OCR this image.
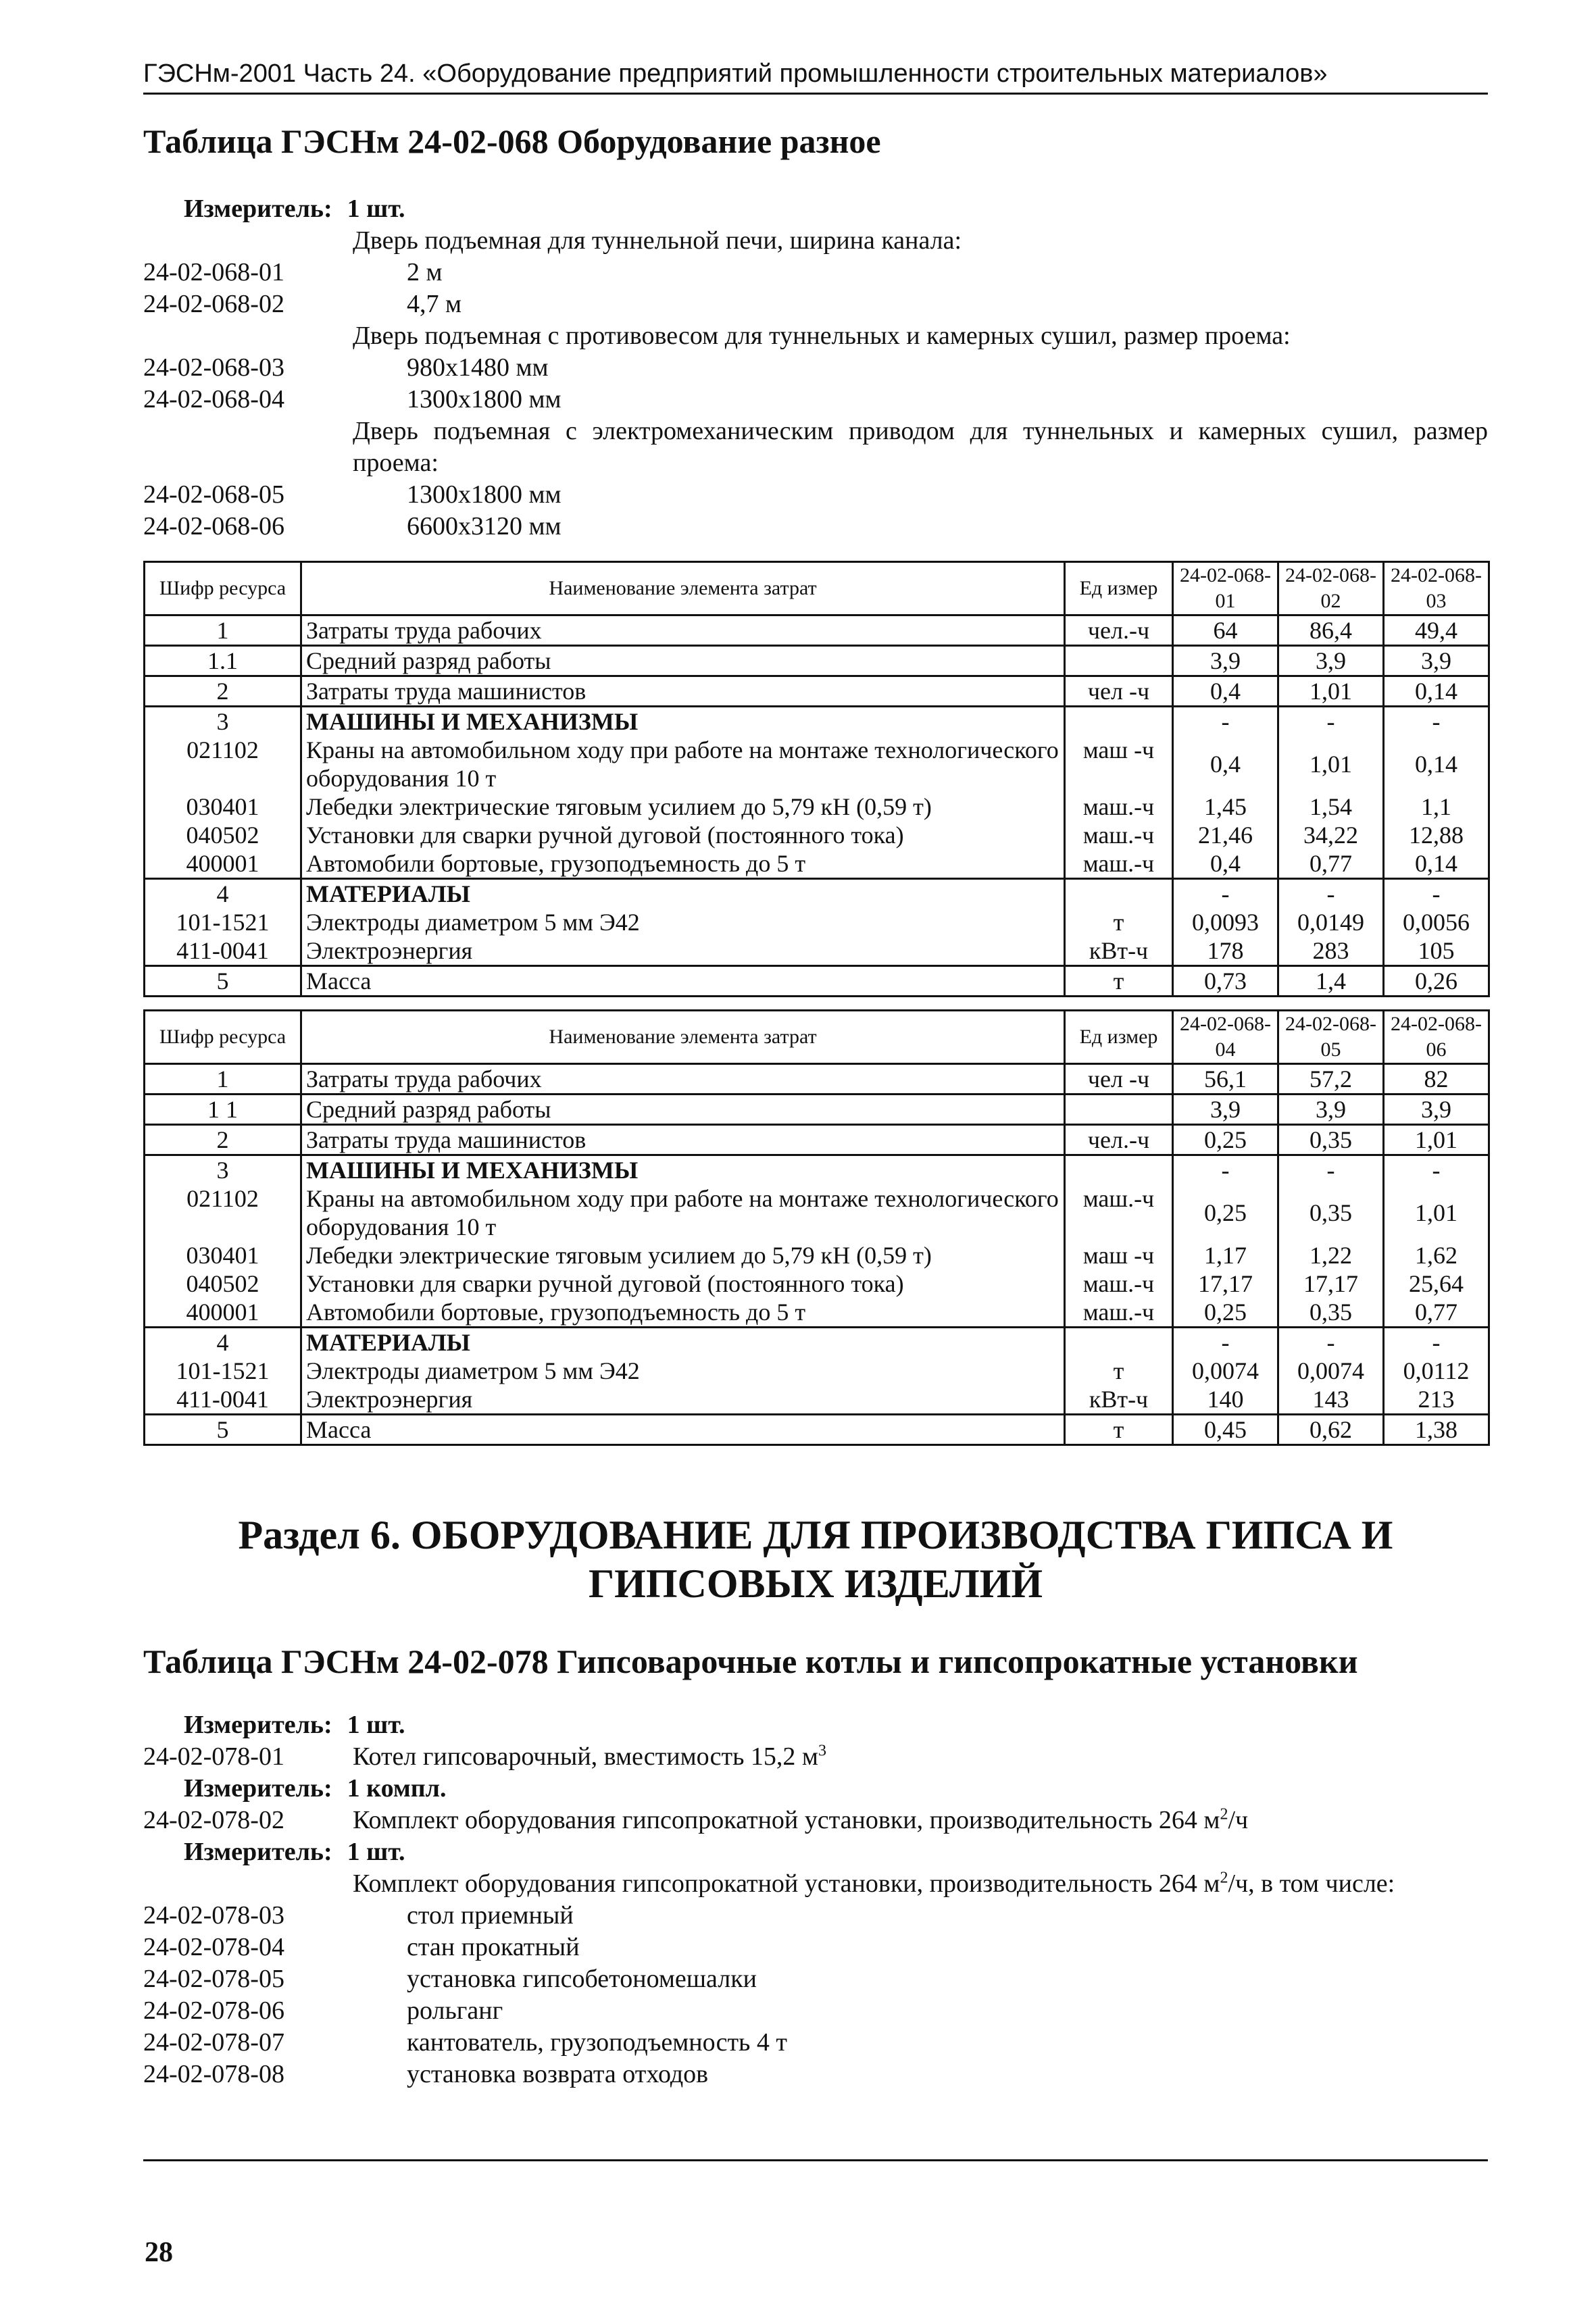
ГЭСНм-2001 Часть 24. «Оборудование предприятий промышленности строительных материалов»
Таблица ГЭСНм 24-02-068 Оборудование разное
Измеритель: 1 шт.
Дверь подъемная для туннельной печи, ширина канала:
24-02-068-01	2 м
24-02-068-02	4,7 м
Дверь подъемная с противовесом для туннельных и камерных сушил, размер проема:
24-02-068-03	980x1480 мм
24-02-068-04	1300x1800 мм
Дверь подъемная с электромеханическим приводом для туннельных и камерных сушил, размер проема:
24-02-068-05	1300x1800 мм
24-02-068-06	6600x3120 мм
Шифр ресурса	Наименование элемента затрат	Ед измер	24-02-068-01	24-02-068-02	24-02-068-03
1	Затраты труда рабочих	чел.-ч	64	86,4	49,4
1.1	Средний разряд работы		3,9	3,9	3,9
2	Затраты труда машинистов	чел -ч	0,4	1,01	0,14
3	МАШИНЫ И МЕХАНИЗМЫ		-	-	-
021102	Краны на автомобильном ходу при работе на монтаже технологического оборудования 10 т	маш -ч	0,4	1,01	0,14
030401	Лебедки электрические тяговым усилием до 5,79 кН (0,59 т)	маш.-ч	1,45	1,54	1,1
040502	Установки для сварки ручной дуговой (постоянного тока)	маш.-ч	21,46	34,22	12,88
400001	Автомобили бортовые, грузоподъемность до 5 т	маш.-ч	0,4	0,77	0,14
4	МАТЕРИАЛЫ		-	-	-
101-1521	Электроды диаметром 5 мм Э42	т	0,0093	0,0149	0,0056
411-0041	Электроэнергия	кВт-ч	178	283	105
5	Масса	т	0,73	1,4	0,26
Шифр ресурса	Наименование элемента затрат	Ед измер	24-02-068-04	24-02-068-05	24-02-068-06
1	Затраты труда рабочих	чел -ч	56,1	57,2	82
1 1	Средний разряд работы		3,9	3,9	3,9
2	Затраты труда машинистов	чел.-ч	0,25	0,35	1,01
3	МАШИНЫ И МЕХАНИЗМЫ		-	-	-
021102	Краны на автомобильном ходу при работе на монтаже технологического оборудования 10 т	маш.-ч	0,25	0,35	1,01
030401	Лебедки электрические тяговым усилием до 5,79 кН (0,59 т)	маш -ч	1,17	1,22	1,62
040502	Установки для сварки ручной дуговой (постоянного тока)	маш.-ч	17,17	17,17	25,64
400001	Автомобили бортовые, грузоподъемность до 5 т	маш.-ч	0,25	0,35	0,77
4	МАТЕРИАЛЫ		-	-	-
101-1521	Электроды диаметром 5 мм Э42	т	0,0074	0,0074	0,0112
411-0041	Электроэнергия	кВт-ч	140	143	213
5	Масса	т	0,45	0,62	1,38
Раздел 6. ОБОРУДОВАНИЕ ДЛЯ ПРОИЗВОДСТВА ГИПСА И
ГИПСОВЫХ ИЗДЕЛИЙ
Таблица ГЭСНм 24-02-078 Гипсоварочные котлы и гипсопрокатные установки
Измеритель: 1 шт.
24-02-078-01	Котел гипсоварочный, вместимость 15,2 $м^3$
Измеритель: 1 компл.
24-02-078-02	Комплект оборудования гипсопрокатной установки, производительность 264 $м^2/ч$
Измеритель: 1 шт.
Комплект оборудования гипсопрокатной установки, производительность 264 $м^2/ч$, в том числе:
24-02-078-03	стол приемный
24-02-078-04	стан прокатный
24-02-078-05	установка гипсобетономешалки
24-02-078-06	рольганг
24-02-078-07	кантователь, грузоподъемность 4 т
24-02-078-08	установка возврата отходов
28
